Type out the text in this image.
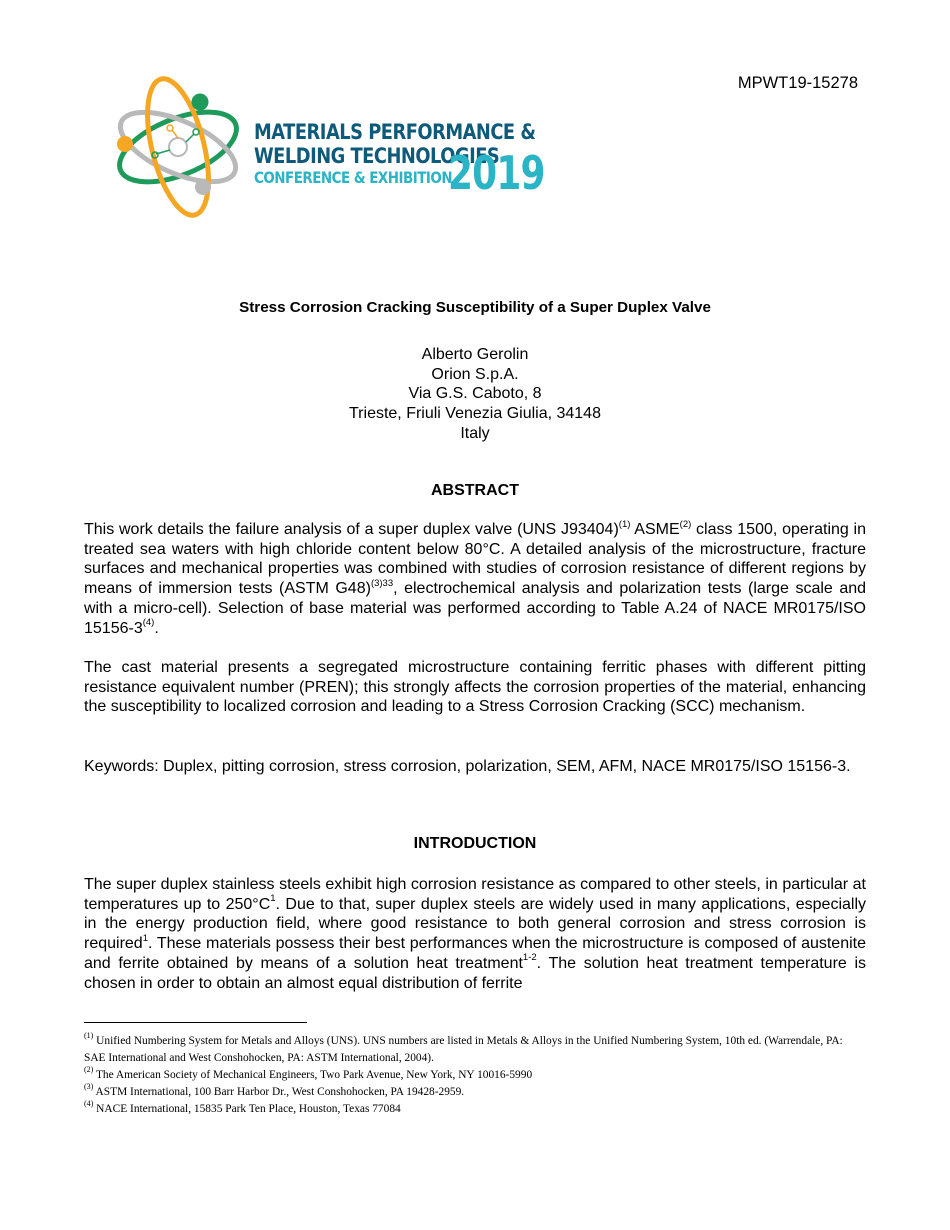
MPWT19-15278
MATERIALS PERFORMANCE &
WELDING TECHNOLOGIES
CONFERENCE & EXHIBITION
2019
Stress Corrosion Cracking Susceptibility of a Super Duplex Valve
Alberto Gerolin
Orion S.p.A.
Via G.S. Caboto, 8
Trieste, Friuli Venezia Giulia, 34148
Italy
ABSTRACT
This work details the failure analysis of a super duplex valve (UNS J93404)$^{(1)}$ ASME$^{(2)}$ class 1500, operating in treated sea waters with high chloride content below 80°C. A detailed analysis of the microstructure, fracture surfaces and mechanical properties was combined with studies of corrosion resistance of different regions by means of immersion tests (ASTM G48)$^{(3)33}$, electrochemical analysis and polarization tests (large scale and with a micro-cell). Selection of base material was performed according to Table A.24 of NACE MR0175/ISO 15156-3$^{(4)}$.
The cast material presents a segregated microstructure containing ferritic phases with different pitting resistance equivalent number (PREN); this strongly affects the corrosion properties of the material, enhancing the susceptibility to localized corrosion and leading to a Stress Corrosion Cracking (SCC) mechanism.
Keywords: Duplex, pitting corrosion, stress corrosion, polarization, SEM, AFM, NACE MR0175/ISO 15156-3.
INTRODUCTION
The super duplex stainless steels exhibit high corrosion resistance as compared to other steels, in particular at temperatures up to $250^\circ C^1$. Due to that, super duplex steels are widely used in many applications, especially in the energy production field, where good resistance to both general corrosion and stress corrosion is required$^1$. These materials possess their best performances when the microstructure is composed of austenite and ferrite obtained by means of a solution heat treatment$^{1-2}$. The solution heat treatment temperature is chosen in order to obtain an almost equal distribution of ferrite
$^{(1)}$ Unified Numbering System for Metals and Alloys (UNS). UNS numbers are listed in Metals & Alloys in the Unified Numbering System, 10th ed. (Warrendale, PA: SAE International and West Conshohocken, PA: ASTM International, 2004).
$^{(2)}$ The American Society of Mechanical Engineers, Two Park Avenue, New York, NY 10016-5990
$^{(3)}$ ASTM International, 100 Barr Harbor Dr., West Conshohocken, PA 19428-2959.
$^{(4)}$ NACE International, 15835 Park Ten Place, Houston, Texas 77084
